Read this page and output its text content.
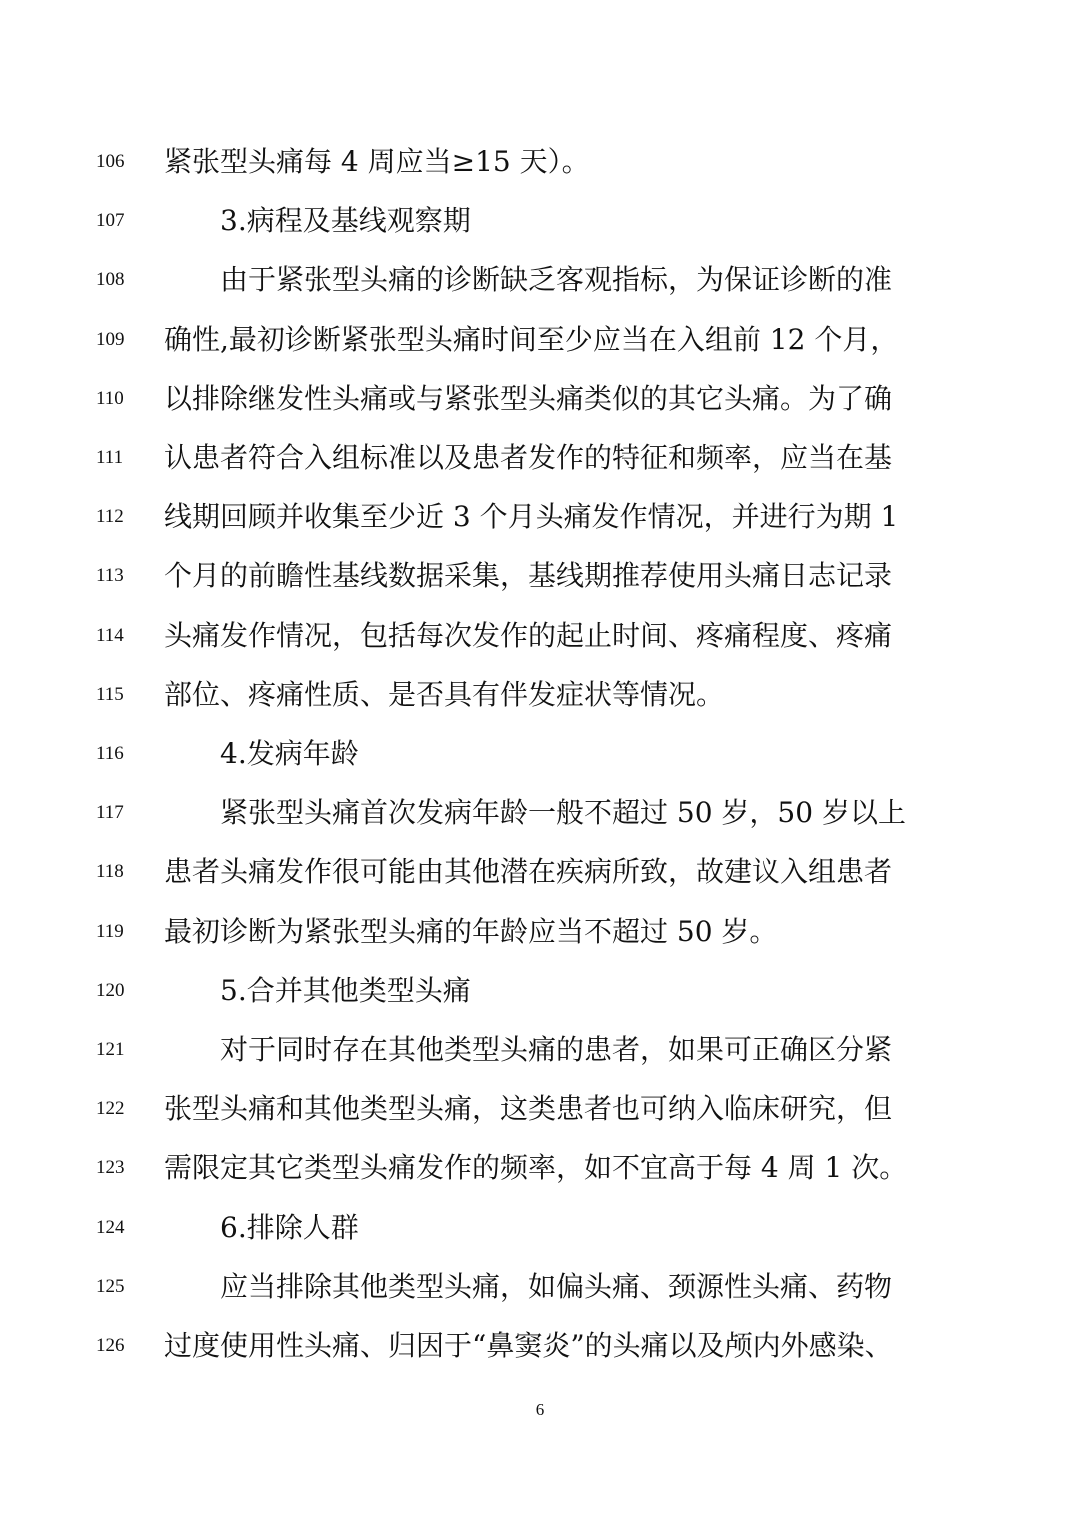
106	紧张型头痛每 4 周应当≥15 天）。
107	3.病程及基线观察期
108	由于紧张型头痛的诊断缺乏客观指标，为保证诊断的准
109	确性,最初诊断紧张型头痛时间至少应当在入组前 12 个月，
110	以排除继发性头痛或与紧张型头痛类似的其它头痛。为了确
111	认患者符合入组标准以及患者发作的特征和频率，应当在基
112	线期回顾并收集至少近 3 个月头痛发作情况，并进行为期 1
113	个月的前瞻性基线数据采集，基线期推荐使用头痛日志记录
114	头痛发作情况，包括每次发作的起止时间、疼痛程度、疼痛
115	部位、疼痛性质、是否具有伴发症状等情况。
116	4.发病年龄
117	紧张型头痛首次发病年龄一般不超过 50 岁，50 岁以上
118	患者头痛发作很可能由其他潜在疾病所致，故建议入组患者
119	最初诊断为紧张型头痛的年龄应当不超过 50 岁。
120	5.合并其他类型头痛
121	对于同时存在其他类型头痛的患者，如果可正确区分紧
122	张型头痛和其他类型头痛，这类患者也可纳入临床研究，但
123	需限定其它类型头痛发作的频率，如不宜高于每 4 周 1 次。
124	6.排除人群
125	应当排除其他类型头痛，如偏头痛、颈源性头痛、药物
126	过度使用性头痛、归因于“鼻窦炎”的头痛以及颅内外感染、
6
